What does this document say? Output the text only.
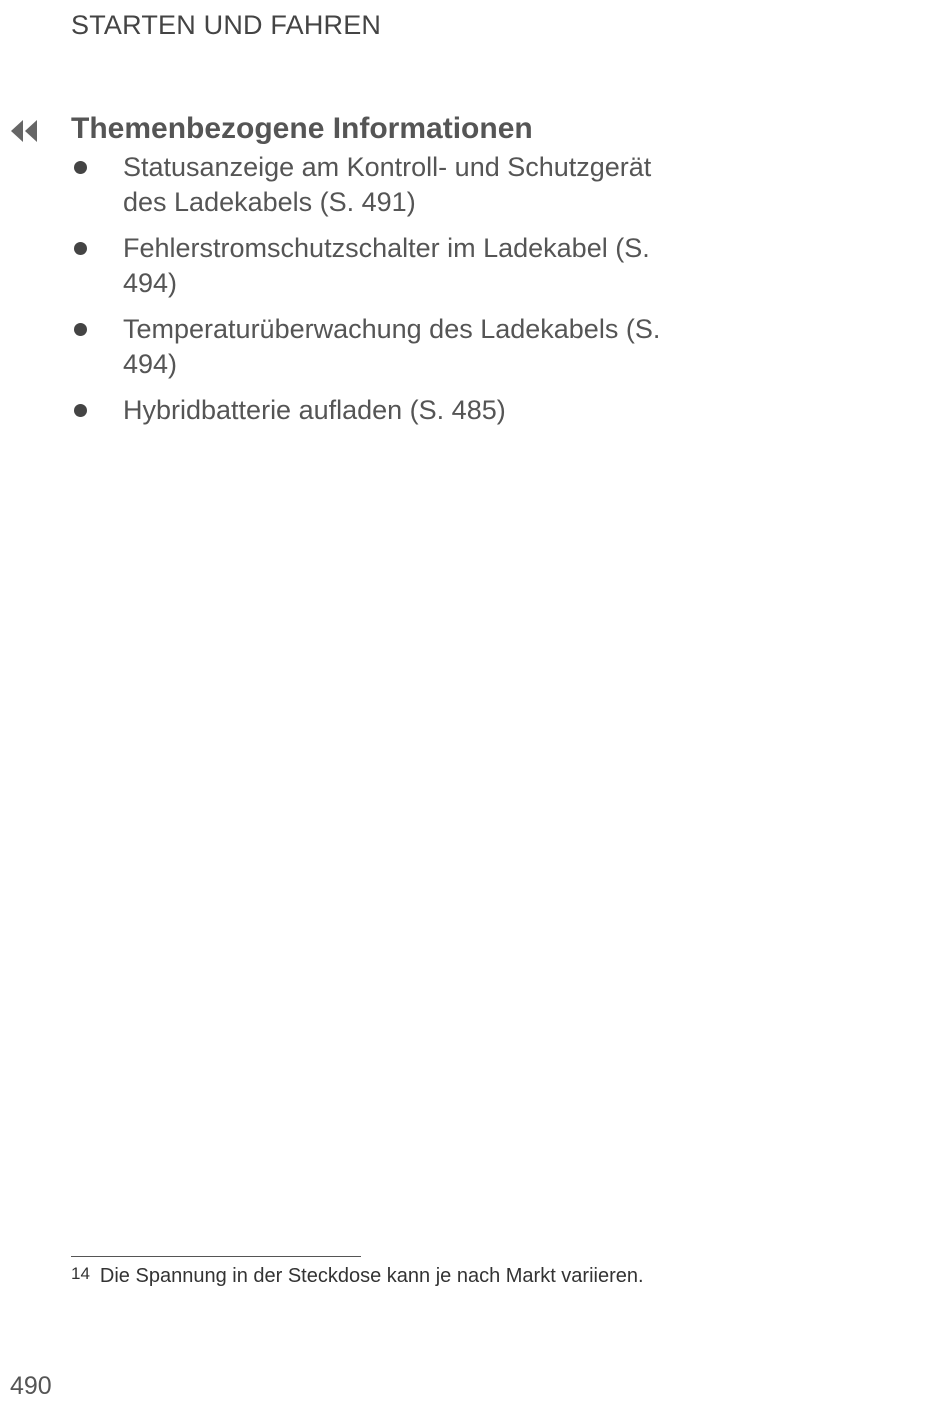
STARTEN UND FAHREN
Themenbezogene Informationen
Statusanzeige am Kontroll- und Schutzgerät des Ladekabels (S. 491)
Fehlerstromschutzschalter im Ladekabel (S. 494)
Temperaturüberwachung des Ladekabels (S. 494)
Hybridbatterie aufladen (S. 485)
$^{14}$ Die Spannung in der Steckdose kann je nach Markt variieren.
490
